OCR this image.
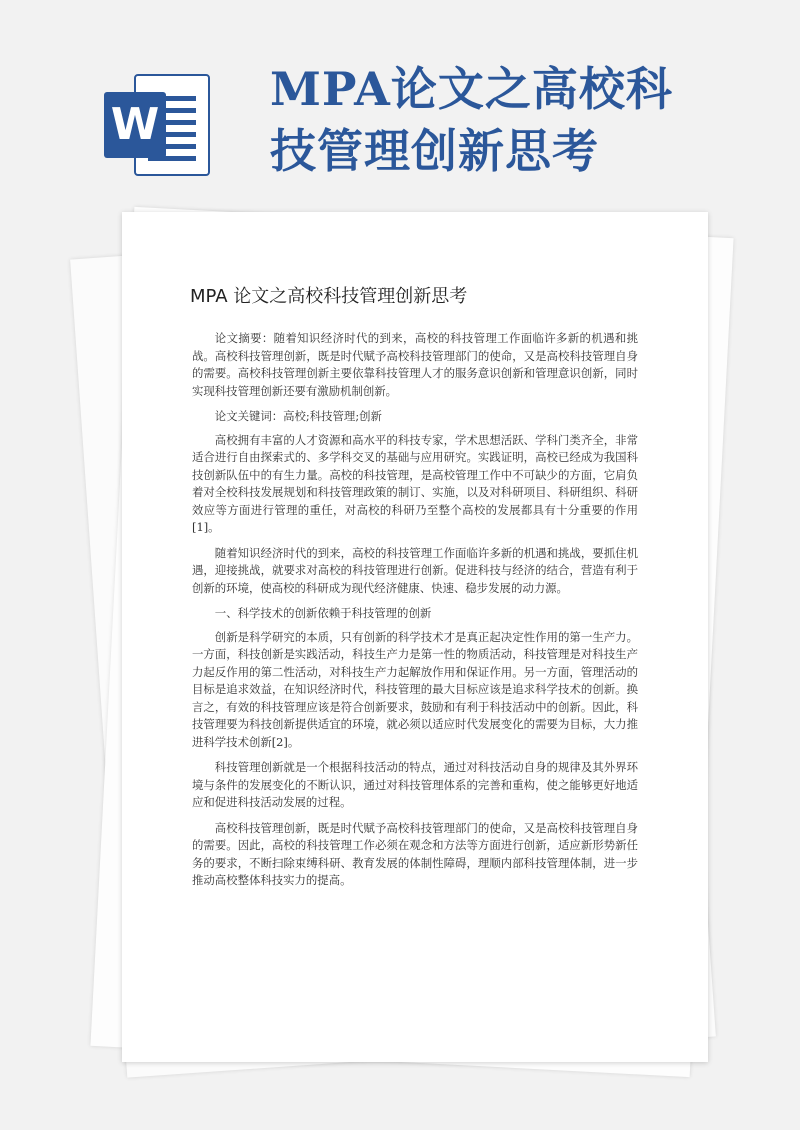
W
MPA论文之高校科技管理创新思考
MPA 论文之高校科技管理创新思考

论文摘要：随着知识经济时代的到来，高校的科技管理工作面临许多新的机遇和挑战。高校科技管理创新，既是时代赋予高校科技管理部门的使命，又是高校科技管理自身的需要。高校科技管理创新主要依靠科技管理人才的服务意识创新和管理意识创新，同时实现科技管理创新还要有激励机制创新。

论文关键词：高校;科技管理;创新

高校拥有丰富的人才资源和高水平的科技专家，学术思想活跃、学科门类齐全，非常适合进行自由探索式的、多学科交叉的基础与应用研究。实践证明，高校已经成为我国科技创新队伍中的有生力量。高校的科技管理，是高校管理工作中不可缺少的方面，它肩负着对全校科技发展规划和科技管理政策的制订、实施，以及对科研项目、科研组织、科研效应等方面进行管理的重任，对高校的科研乃至整个高校的发展都具有十分重要的作用[1]。

随着知识经济时代的到来，高校的科技管理工作面临许多新的机遇和挑战，要抓住机遇，迎接挑战，就要求对高校的科技管理进行创新。促进科技与经济的结合，营造有利于创新的环境，使高校的科研成为现代经济健康、快速、稳步发展的动力源。

一、科学技术的创新依赖于科技管理的创新

创新是科学研究的本质，只有创新的科学技术才是真正起决定性作用的第一生产力。一方面，科技创新是实践活动，科技生产力是第一性的物质活动，科技管理是对科技生产力起反作用的第二性活动，对科技生产力起解放作用和保证作用。另一方面，管理活动的目标是追求效益，在知识经济时代，科技管理的最大目标应该是追求科学技术的创新。换言之，有效的科技管理应该是符合创新要求，鼓励和有利于科技活动中的创新。因此，科技管理要为科技创新提供适宜的环境，就必须以适应时代发展变化的需要为目标，大力推进科学技术创新[2]。

科技管理创新就是一个根据科技活动的特点，通过对科技活动自身的规律及其外界环境与条件的发展变化的不断认识，通过对科技管理体系的完善和重构，使之能够更好地适应和促进科技活动发展的过程。

高校科技管理创新，既是时代赋予高校科技管理部门的使命，又是高校科技管理自身的需要。因此，高校的科技管理工作必须在观念和方法等方面进行创新，适应新形势新任务的要求，不断扫除束缚科研、教育发展的体制性障碍，理顺内部科技管理体制，进一步推动高校整体科技实力的提高。
